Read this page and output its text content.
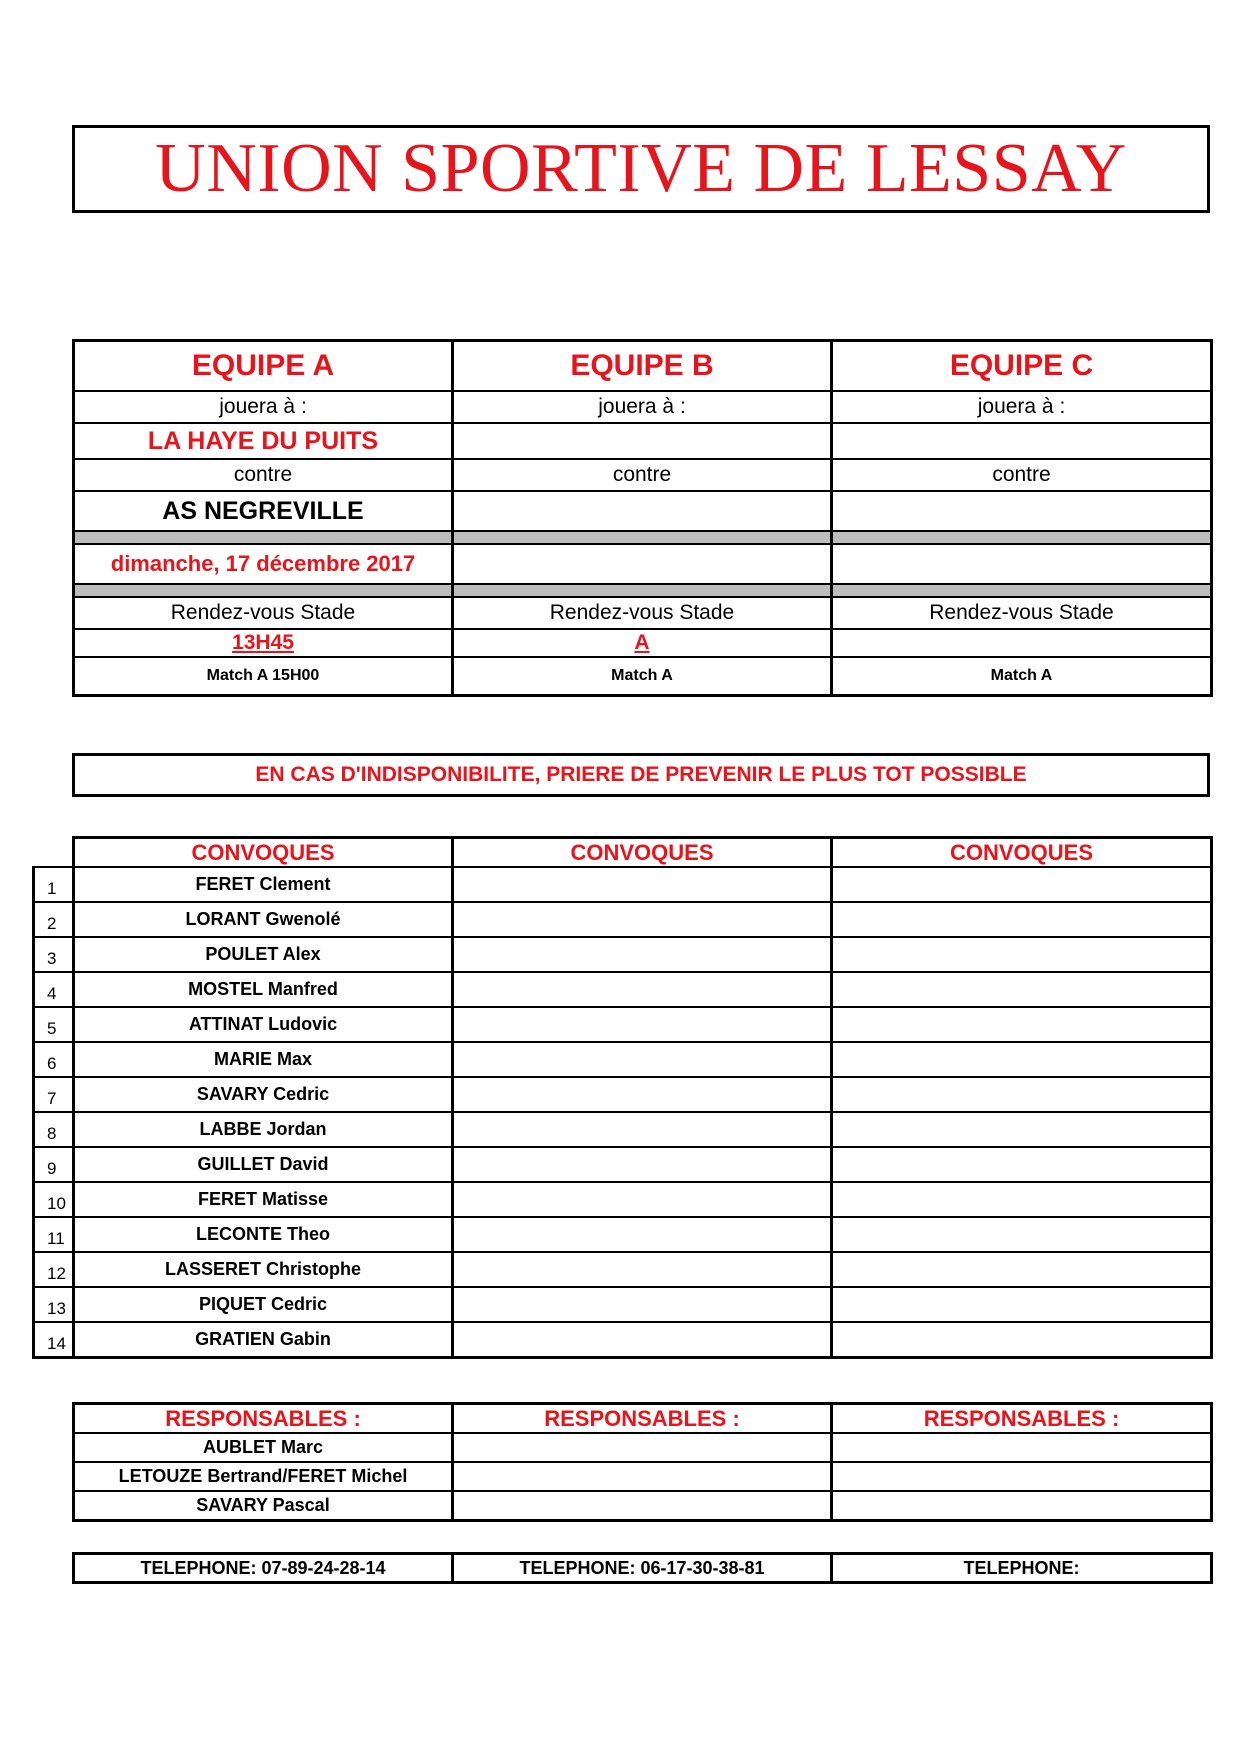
UNION SPORTIVE DE LESSAY
EQUIPE A	EQUIPE B	EQUIPE C
jouera à :	jouera à :	jouera à :
LA HAYE DU PUITS		
contre	contre	contre
AS NEGREVILLE		

dimanche, 17 décembre 2017		

Rendez-vous Stade	Rendez-vous Stade	Rendez-vous Stade
13H45	A	
Match A 15H00	Match A	Match A
EN CAS D'INDISPONIBILITE, PRIERE DE PREVENIR LE PLUS TOT POSSIBLE
	CONVOQUES	CONVOQUES	CONVOQUES
1	FERET Clement		
2	LORANT Gwenolé		
3	POULET Alex		
4	MOSTEL Manfred		
5	ATTINAT Ludovic		
6	MARIE Max		
7	SAVARY Cedric		
8	LABBE Jordan		
9	GUILLET David		
10	FERET Matisse		
11	LECONTE Theo		
12	LASSERET Christophe		
13	PIQUET Cedric		
14	GRATIEN Gabin		
RESPONSABLES :	RESPONSABLES :	RESPONSABLES :
AUBLET Marc		
LETOUZE Bertrand/FERET Michel		
SAVARY Pascal		
TELEPHONE: 07-89-24-28-14	TELEPHONE: 06-17-30-38-81	TELEPHONE:
